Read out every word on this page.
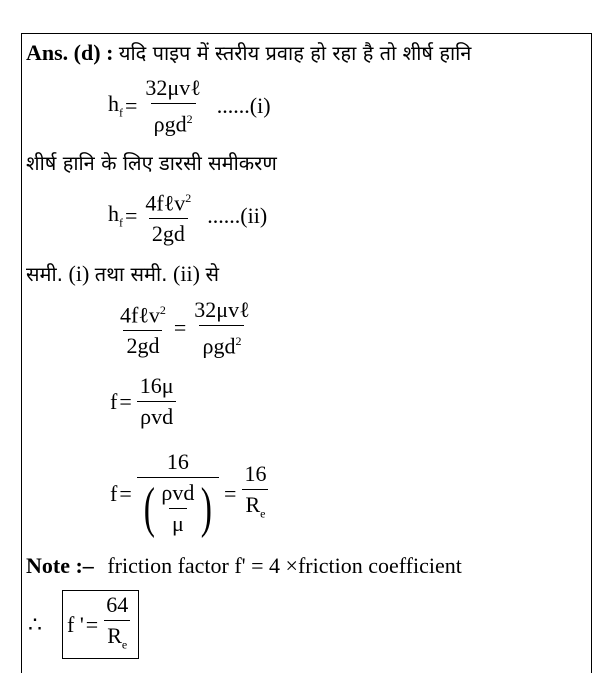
Ans. (d) : यदि पाइप में स्तरीय प्रवाह हो रहा है तो शीर्ष हानि
$h_f = \frac{\text{32μvℓ}}{\rho gd^2} ......(i)$
शीर्ष हानि के लिए डारसी समीकरण
$h_f = \frac{4f\ell v^2}{2gd} ......(ii)$
समी. (i) तथा समी. (ii) से
$\frac{4f\ell v^2}{2gd} = \frac{\text{32μvℓ}}{\rho gd^2}$
$f = \frac{16\mu}{\text{ρvd}}$
$f = \frac{16}{( \frac{\text{ρvd}}{\mu} )} = \frac{16}{R_e}$
Note :– friction factor f' = 4 ×friction coefficient
∴ f ' = $\frac{64}{R_e}$
